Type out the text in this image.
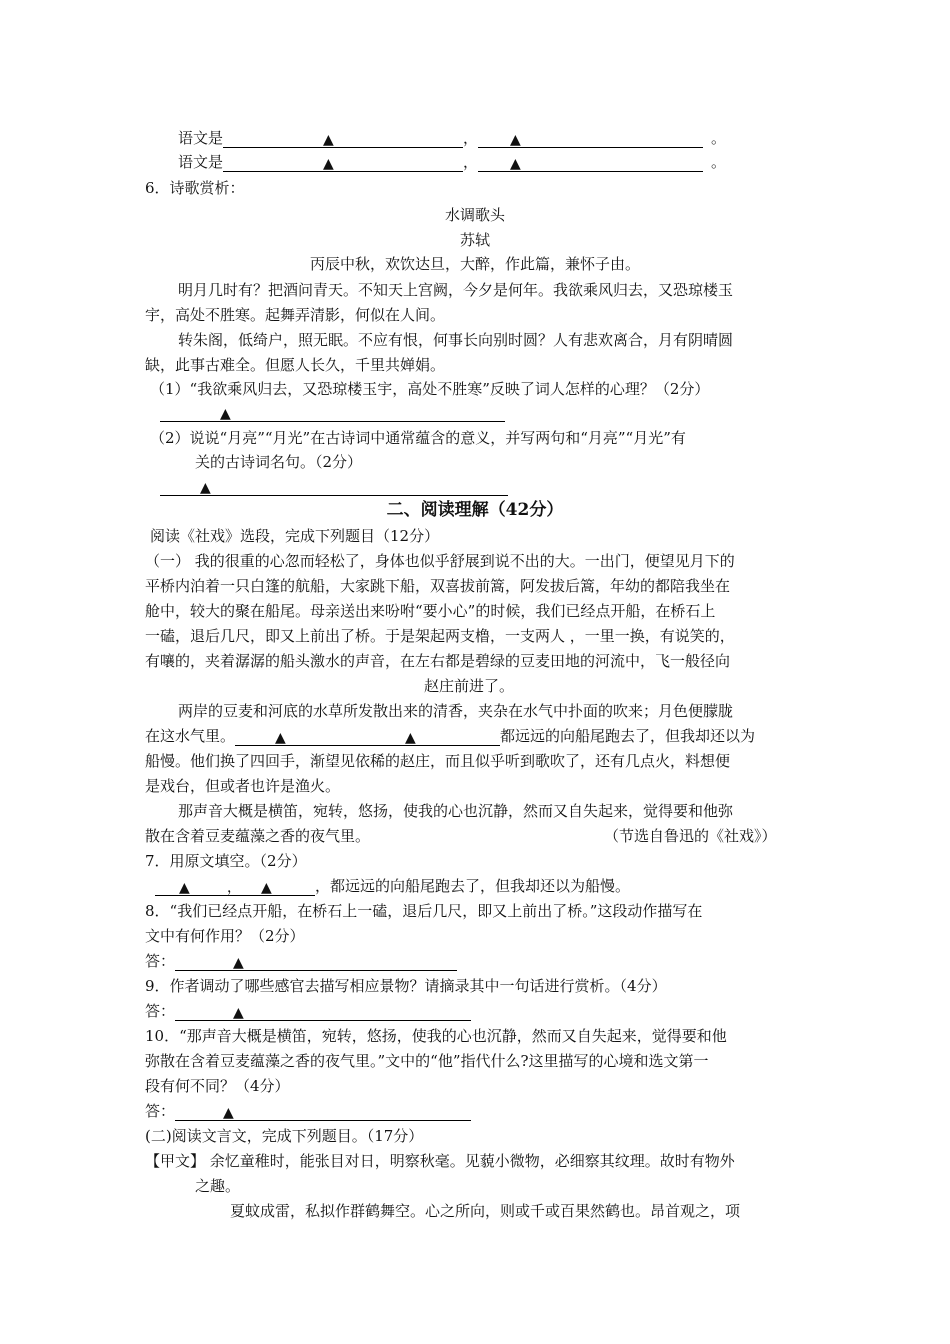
语文是	▲	， ▲	。
语文是	▲	， ▲	。
6．诗歌赏析：
水调歌头
苏轼
丙辰中秋，欢饮达旦，大醉，作此篇，兼怀子由。
明月几时有？把酒问青天。不知天上宫阙，今夕是何年。我欲乘风归去，又恐琼楼玉
宇，高处不胜寒。起舞弄清影，何似在人间。
转朱阁，低绮户，照无眠。不应有恨，何事长向别时圆？人有悲欢离合，月有阴晴圆
缺，此事古难全。但愿人长久，千里共婵娟。
（1）“我欲乘风归去，又恐琼楼玉宇，高处不胜寒”反映了词人怎样的心理？（2分）
▲
（2）说说“月亮”“月光”在古诗词中通常蕴含的意义，并写两句和“月亮”“月光”有
关的古诗词名句。（2分）
▲
二、阅读理解（42分）
阅读《社戏》选段，完成下列题目（12分）
（一） 我的很重的心忽而轻松了，身体也似乎舒展到说不出的大。一出门，便望见月下的
平桥内泊着一只白篷的航船，大家跳下船，双喜拔前篙，阿发拔后篙，年幼的都陪我坐在
舱中，较大的聚在船尾。母亲送出来吩咐“要小心”的时候，我们已经点开船，在桥石上
一磕，退后几尺，即又上前出了桥。于是架起两支橹，一支两人 ，一里一换，有说笑的，
有嚷的，夹着潺潺的船头激水的声音，在左右都是碧绿的豆麦田地的河流中，飞一般径向
赵庄前进了。
两岸的豆麦和河底的水草所发散出来的清香，夹杂在水气中扑面的吹来；月色便朦胧
在这水气里。	▲	▲	都远远的向船尾跑去了，但我却还以为
船慢。他们换了四回手，渐望见依稀的赵庄，而且似乎听到歌吹了，还有几点火，料想便
是戏台，但或者也许是渔火。
那声音大概是横笛，宛转，悠扬，使我的心也沉静，然而又自失起来，觉得要和他弥
散在含着豆麦蕴藻之香的夜气里。	（节选自鲁迅的《社戏》）
7．用原文填空。（2分）
▲	， ▲	，都远远的向船尾跑去了，但我却还以为船慢。
8．“我们已经点开船，在桥石上一磕，退后几尺，即又上前出了桥。”这段动作描写在
文中有何作用？（2分）
答：	▲
9．作者调动了哪些感官去描写相应景物？请摘录其中一句话进行赏析。（4分）
答：	▲
10．“那声音大概是横笛，宛转，悠扬，使我的心也沉静，然而又自失起来，觉得要和他
弥散在含着豆麦蕴藻之香的夜气里。”文中的“他”指代什么?这里描写的心境和选文第一
段有何不同？（4分）
答：	▲
(二)阅读文言文，完成下列题目。（17分）
【甲文】 余忆童稚时，能张目对日，明察秋毫。见藐小微物，必细察其纹理。故时有物外
之趣。
夏蚊成雷，私拟作群鹤舞空。心之所向，则或千或百果然鹤也。昂首观之，项
